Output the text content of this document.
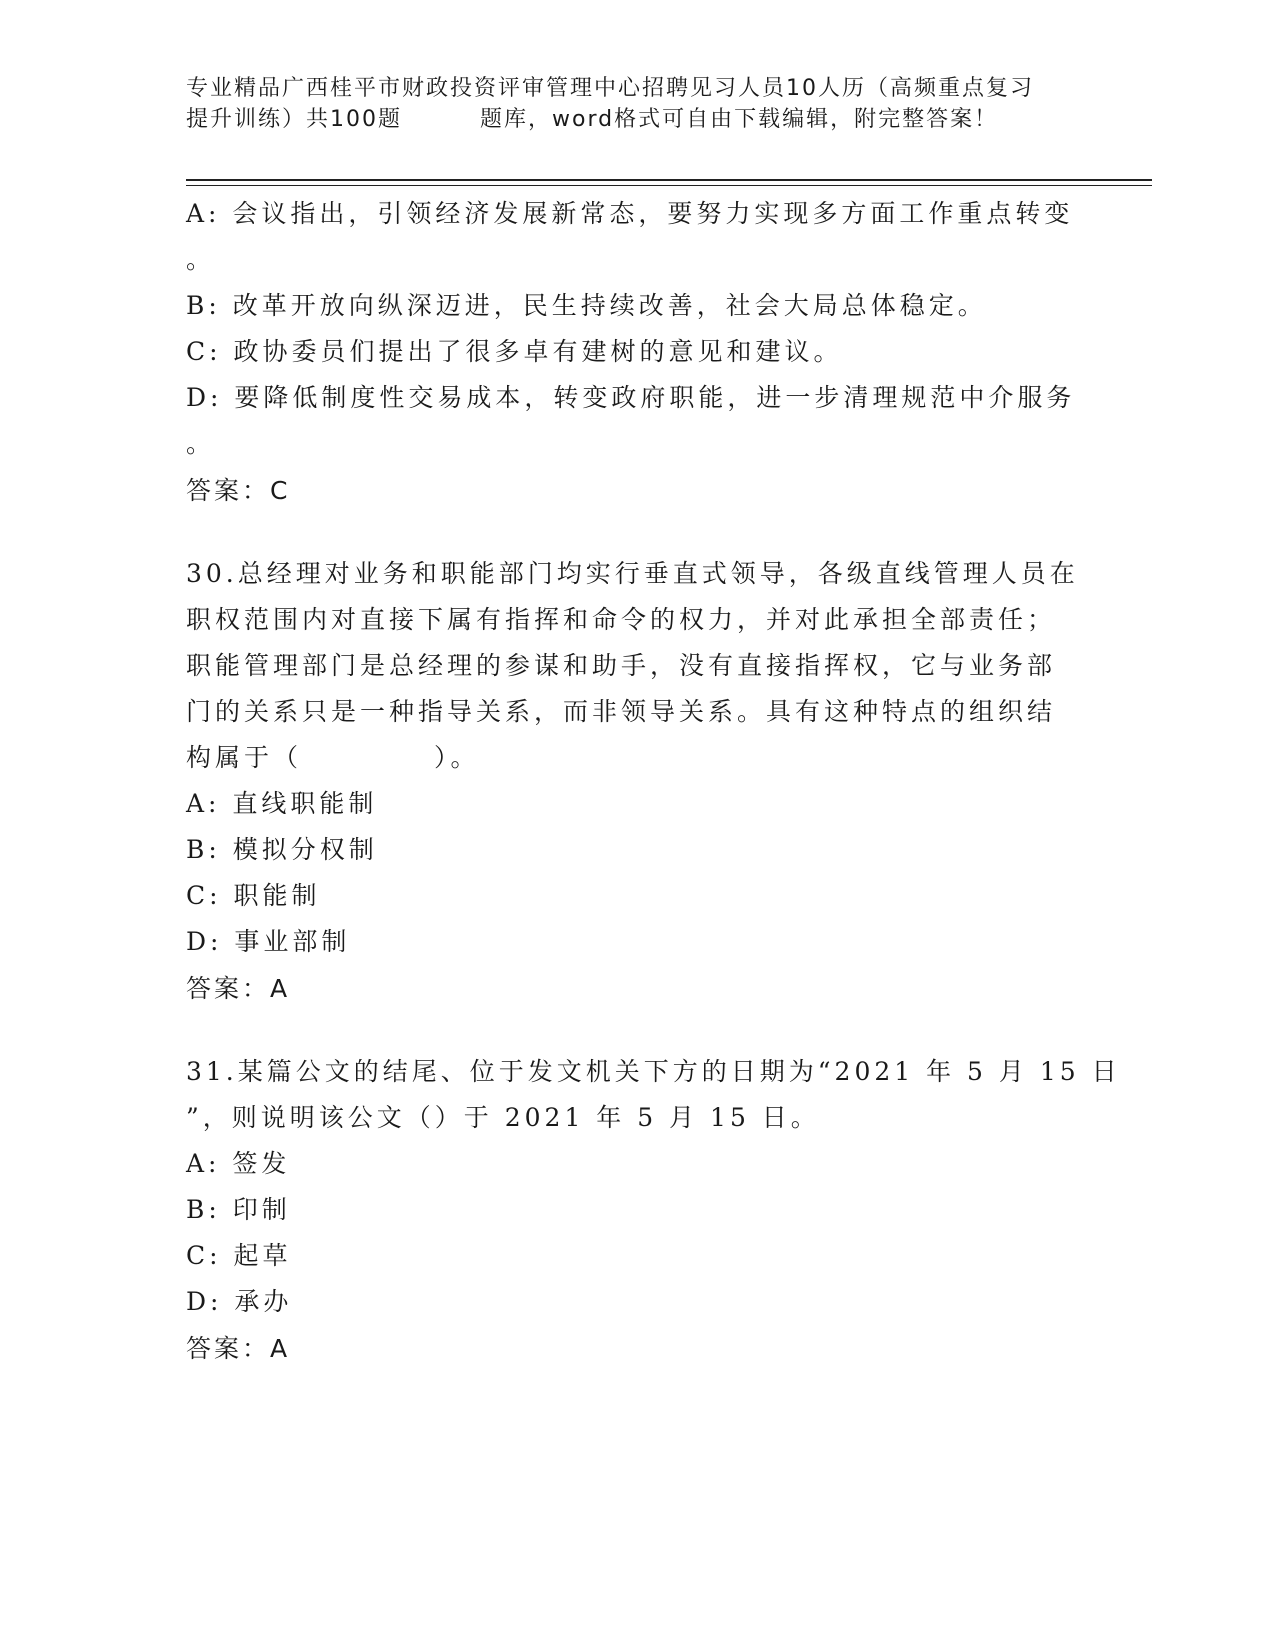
专业精品广西桂平市财政投资评审管理中心招聘见习人员10人历（高频重点复习
提升训练）共100题	题库，word格式可自由下载编辑，附完整答案！
A: 会议指出，引领经济发展新常态，要努力实现多方面工作重点转变
。
B: 改革开放向纵深迈进，民生持续改善，社会大局总体稳定。
C: 政协委员们提出了很多卓有建树的意见和建议。
D: 要降低制度性交易成本，转变政府职能，进一步清理规范中介服务
。
答案：C
30.总经理对业务和职能部门均实行垂直式领导，各级直线管理人员在
职权范围内对直接下属有指挥和命令的权力，并对此承担全部责任；
职能管理部门是总经理的参谋和助手，没有直接指挥权，它与业务部
门的关系只是一种指导关系，而非领导关系。具有这种特点的组织结
构属于（	）。
A: 直线职能制
B: 模拟分权制
C: 职能制
D: 事业部制
答案：A
31.某篇公文的结尾、位于发文机关下方的日期为“2021 年 5 月 15 日
”，则说明该公文（）于 2021 年 5 月 15 日。
A: 签发
B: 印制
C: 起草
D: 承办
答案：A
